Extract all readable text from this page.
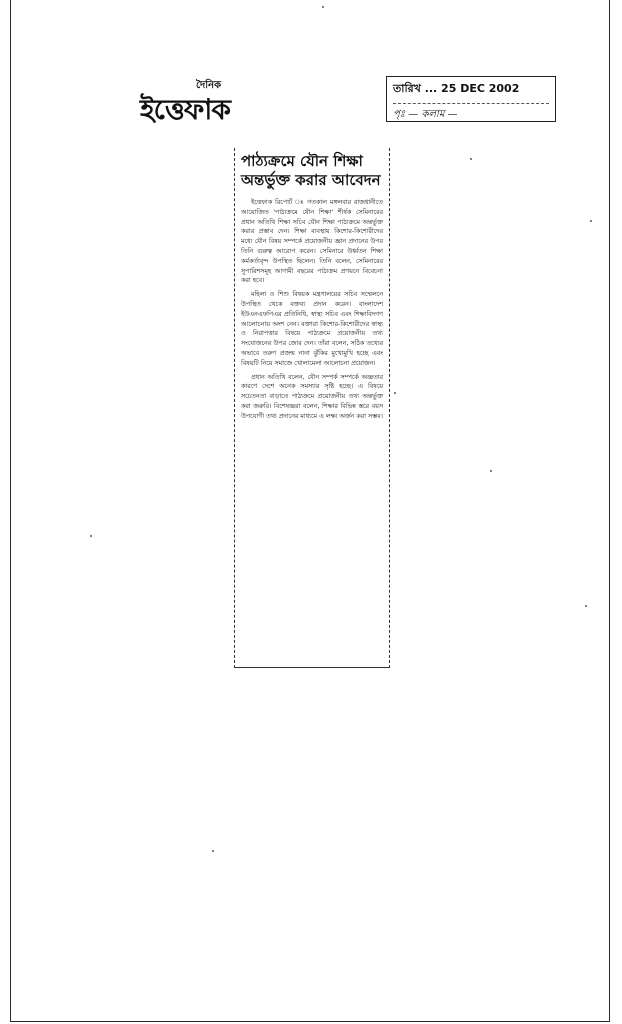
দৈনিক
ইত্তেফাক
তারিখ ... 25 DEC 2002
পৃঃ — কলাম —
পাঠ্যক্রমে যৌন শিক্ষা অন্তর্ভুক্ত করার আবেদন

ইত্তেফাক রিপোর্ট ঃ গতকাল মঙ্গলবার রাজধানীতে আয়োজিত 'পাঠ্যক্রমে যৌন শিক্ষা' শীর্ষক সেমিনারের প্রধান অতিথি শিক্ষা সচিব যৌন শিক্ষা পাঠ্যক্রমে অন্তর্ভুক্ত করার প্রস্তাব দেন। শিক্ষা ব্যবস্থায় কিশোর-কিশোরীদের মধ্যে যৌন বিষয় সম্পর্কে প্রয়োজনীয় জ্ঞান প্রদানের উপর তিনি গুরুত্ব আরোপ করেন। সেমিনারে উর্ধ্বতন শিক্ষা কর্মকর্তাবৃন্দ উপস্থিত ছিলেন। তিনি বলেন, সেমিনারের সুপারিশসমূহ আগামী বছরের পাঠ্যক্রম প্রণয়নে বিবেচনা করা হবে।

মহিলা ও শিশু বিষয়ক মন্ত্রণালয়ের সচিব সম্মেলনে উপস্থিত থেকে বক্তব্য প্রদান করেন। বাংলাদেশ ইউএনএফপিএর প্রতিনিধি, স্বাস্থ্য সচিব এবং শিক্ষাবিদগণ আলোচনায় অংশ নেন। বক্তারা কিশোর-কিশোরীদের স্বাস্থ্য ও নিরাপত্তার বিষয়ে পাঠ্যক্রমে প্রয়োজনীয় তথ্য সংযোজনের উপর জোর দেন। তাঁরা বলেন, সঠিক তথ্যের অভাবে তরুণ প্রজন্ম নানা ঝুঁকির মুখোমুখি হচ্ছে এবং বিষয়টি নিয়ে সমাজে খোলামেলা আলোচনা প্রয়োজন।

প্রধান অতিথি বলেন, যৌন সম্পর্ক সম্পর্কে অজ্ঞতার কারণে দেশে অনেক সমস্যার সৃষ্টি হচ্ছে। এ বিষয়ে সচেতনতা বাড়াতে পাঠ্যক্রমে প্রয়োজনীয় তথ্য অন্তর্ভুক্ত করা জরুরি। বিশেষজ্ঞরা বলেন, শিক্ষার বিভিন্ন স্তরে বয়স উপযোগী তথ্য প্রদানের মাধ্যমে এ লক্ষ্য অর্জন করা সম্ভব।
